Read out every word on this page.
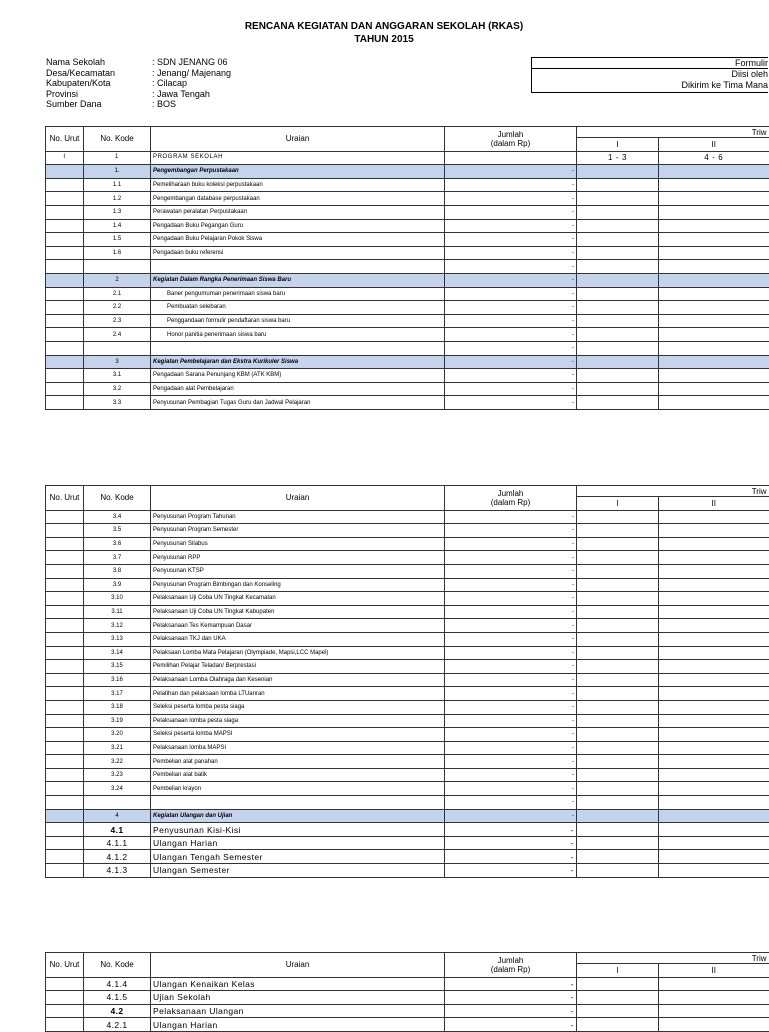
RENCANA KEGIATAN DAN ANGGARAN SEKOLAH (RKAS)
TAHUN 2015
Nama Sekolah	: SDN JENANG 06
Desa/Kecamatan	: Jenang/ Majenang
Kabupaten/Kota	: Cilacap
Provinsi	: Jawa Tengah
Sumber Dana	: BOS
Formulir
Diisi oleh
Dikirim ke Tima Mana
No. Urut	No. Kode	Uraian	Jumlah
(dalam Rp)	Triw	
				I	II
I	1	PROGRAM SEKOLAH		1 - 3	4 - 6
	1.	Pengembangan Perpustakaan	-		
	1.1	Pemeliharaan buku koleksi perpustakaan	-		
	1.2	Pengembangan database perpustakaan	-		
	1.3	Perawatan peralatan Perpustakaan	-		
	1.4	Pengadaan Buku Pegangan Guru	-		
	1.5	Pengadaan Buku Pelajaran Pokok Siswa	-		
	1.6	Pengadaan buku referensi	-		
			-		
	2	Kegiatan Dalam Rangka Penerimaan Siswa Baru	-		
	2.1	Baner pengumuman penerimaan siswa baru	-		
	2.2	Pembuatan selebaran	-		
	2.3	Penggandaan formulir pendaftaran siswa baru	-		
	2.4	Honor panitia penerimaan siswa baru	-		
			-		
	3	Kegiatan Pembelajaran dan Ekstra Kurikuler Siswa	-		
	3.1	Pengadaan Sarana Penunjang KBM (ATK KBM)	-		
	3.2	Pengadaan alat Pembelajaran	-		
	3.3	Penyusunan Pembagian Tugas Guru dan Jadwal Pelajaran	-		
No. Urut	No. Kode	Uraian	Jumlah
(dalam Rp)	Triw	
				I	II
	3.4	Penyusunan Program Tahunan	-		
	3.5	Penyusunan Program Semester	-		
	3.6	Penyusunan Silabus	-		
	3.7	Penyusunan RPP	-		
	3.8	Penyusunan KTSP	-		
	3.9	Penyusunan Program Bimbingan dan Konseling	-		
	3.10	Pelaksanaan Uji Coba UN Tingkat Kecamatan	-		
	3.11	Pelaksanaan Uji Coba UN Tingkat Kabupaten	-		
	3.12	Pelaksanaan Tes Kemampuan Dasar	-		
	3.13	Pelaksanaan TKJ dan UKA	-		
	3.14	Pelaksaan Lomba Mata Pelajaran (Olympiade, Mapsi,LCC Mapel)	-		
	3.15	Pemilihan Pelajar Teladan/ Berprestasi	-		
	3.16	Pelaksanaan Lomba Olahraga dan Kesenian	-		
	3.17	Pelatihan dan pelaksaan lomba LTUanran	-		
	3.18	Seleksi peserta lomba pesta siaga	-		
	3.19	Pelaksanaan lomba pesta siaga	-		
	3.20	Seleksi peserta lomba MAPSI	-		
	3.21	Pelaksanaan lomba MAPSI	-		
	3.22	Pembelian alat panahan	-		
	3.23	Pembelian alat batik	-		
	3.24	Pembelian krayon	-		
			-		
	4	Kegiatan Ulangan dan Ujian	-		
	4.1	Penyusunan Kisi-Kisi	-		
	4.1.1	Ulangan Harian	-		
	4.1.2	Ulangan Tengah Semester	-		
	4.1.3	Ulangan Semester	-		
No. Urut	No. Kode	Uraian	Jumlah
(dalam Rp)	Triw	
				I	II
	4.1.4	Ulangan Kenaikan Kelas	-		
	4.1.5	Ujian Sekolah	-		
	4.2	Pelaksanaan Ulangan	-		
	4.2.1	Ulangan Harian	-		
